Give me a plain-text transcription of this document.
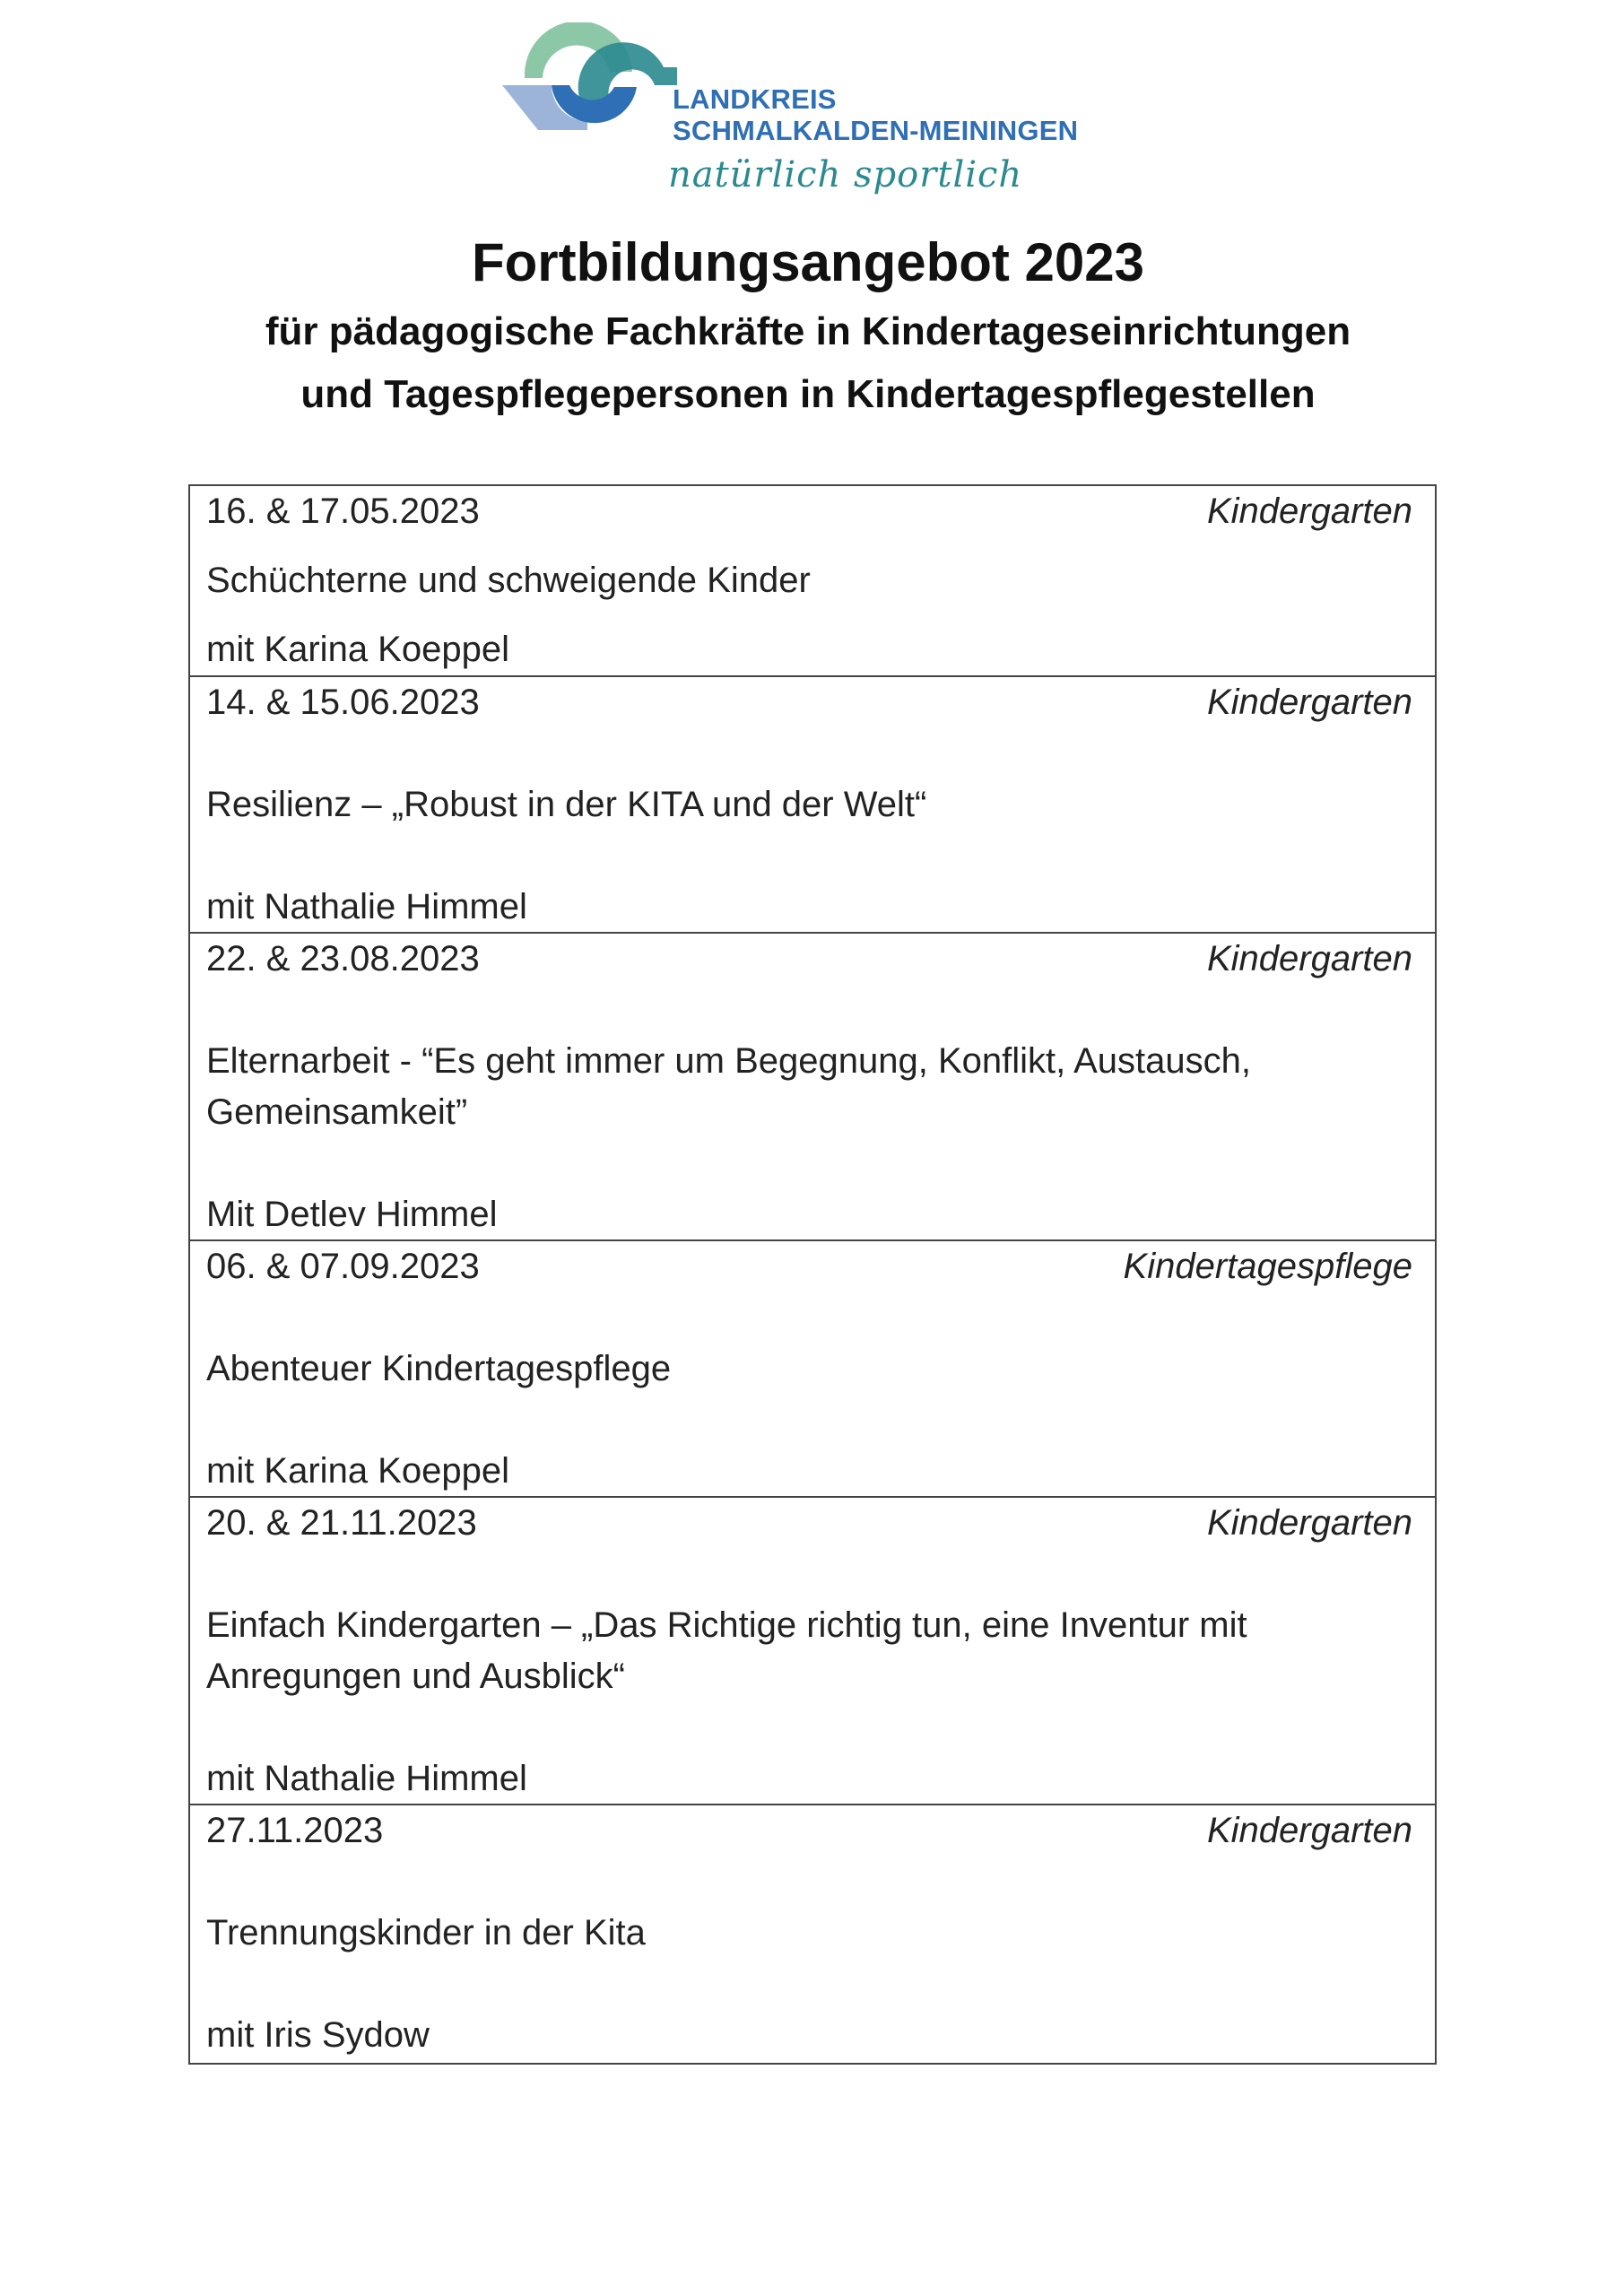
LANDKREIS
SCHMALKALDEN-MEININGEN
natürlich sportlich
Fortbildungsangebot 2023
für pädagogische Fachkräfte in Kindertageseinrichtungen
und Tagespflegepersonen in Kindertagespflegestellen
16. & 17.05.2023	Kindergarten
Schüchterne und schweigende Kinder
mit Karina Koeppel
14. & 15.06.2023	Kindergarten
Resilienz – „Robust in der KITA und der Welt“
mit Nathalie Himmel
22. & 23.08.2023	Kindergarten
Elternarbeit - “Es geht immer um Begegnung, Konflikt, Austausch,
Gemeinsamkeit”
Mit Detlev Himmel
06. & 07.09.2023	Kindertagespflege
Abenteuer Kindertagespflege
mit Karina Koeppel
20. & 21.11.2023	Kindergarten
Einfach Kindergarten – „Das Richtige richtig tun, eine Inventur mit
Anregungen und Ausblick“
mit Nathalie Himmel
27.11.2023	Kindergarten
Trennungskinder in der Kita
mit Iris Sydow
